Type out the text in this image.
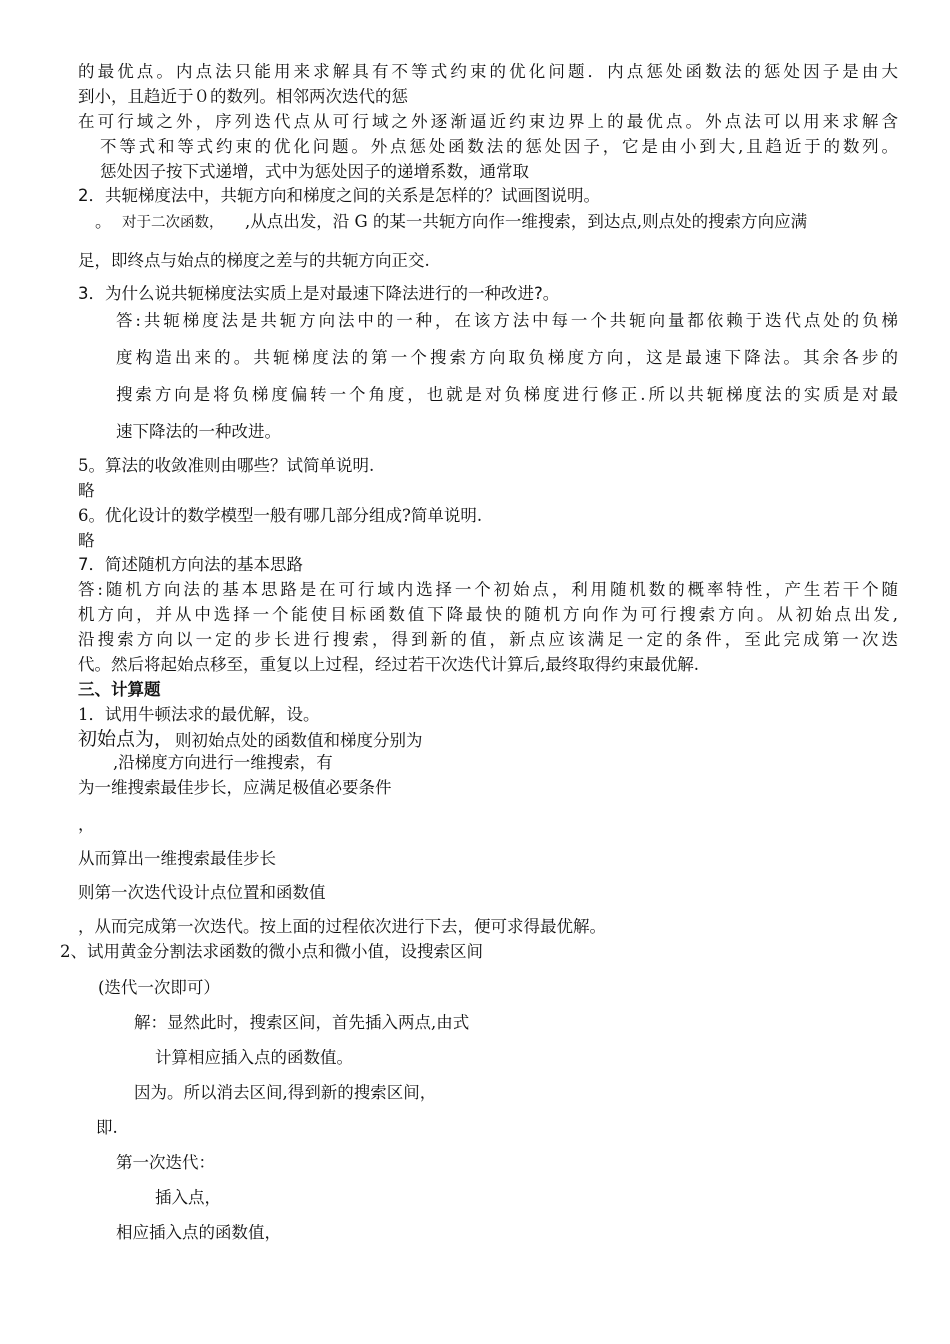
的最优点。内点法只能用来求解具有不等式约束的优化问题．内点惩处函数法的惩处因子是由大
到小，且趋近于０的数列。相邻两次迭代的惩
在可行域之外，序列迭代点从可行域之外逐渐逼近约束边界上的最优点。外点法可以用来求解含
不等式和等式约束的优化问题。外点惩处函数法的惩处因子，它是由小到大,且趋近于的数列。
惩处因子按下式递增，式中为惩处因子的递增系数，通常取
2．共轭梯度法中，共轭方向和梯度之间的关系是怎样的？试画图说明。
。 对于二次函数， ,从点出发，沿 G 的某一共轭方向作一维搜索，到达点,则点处的搜索方向应满
足，即终点与始点的梯度之差与的共轭方向正交.
3．为什么说共轭梯度法实质上是对最速下降法进行的一种改进?。
答:共轭梯度法是共轭方向法中的一种，在该方法中每一个共轭向量都依赖于迭代点处的负梯
度构造出来的。共轭梯度法的第一个搜索方向取负梯度方向，这是最速下降法。其余各步的
搜索方向是将负梯度偏转一个角度，也就是对负梯度进行修正.所以共轭梯度法的实质是对最
速下降法的一种改进。
5。算法的收敛准则由哪些？试简单说明.
略
6。优化设计的数学模型一般有哪几部分组成?简单说明.
略
7．简述随机方向法的基本思路
答:随机方向法的基本思路是在可行域内选择一个初始点，利用随机数的概率特性，产生若干个随
机方向，并从中选择一个能使目标函数值下降最快的随机方向作为可行搜索方向。从初始点出发,
沿搜索方向以一定的步长进行搜索，得到新的值，新点应该满足一定的条件，至此完成第一次迭
代。然后将起始点移至，重复以上过程，经过若干次迭代计算后,最终取得约束最优解.
三、计算题
1．试用牛顿法求的最优解，设。
初始点为， 则初始点处的函数值和梯度分别为
,沿梯度方向进行一维搜索，有
为一维搜索最佳步长，应满足极值必要条件
，
从而算出一维搜索最佳步长
则第一次迭代设计点位置和函数值
，从而完成第一次迭代。按上面的过程依次进行下去，便可求得最优解。
2、试用黄金分割法求函数的微小点和微小值，设搜索区间
(迭代一次即可）
解：显然此时，搜索区间，首先插入两点,由式
计算相应插入点的函数值。
因为。所以消去区间,得到新的搜索区间，
即.
第一次迭代：
插入点，
相应插入点的函数值，
